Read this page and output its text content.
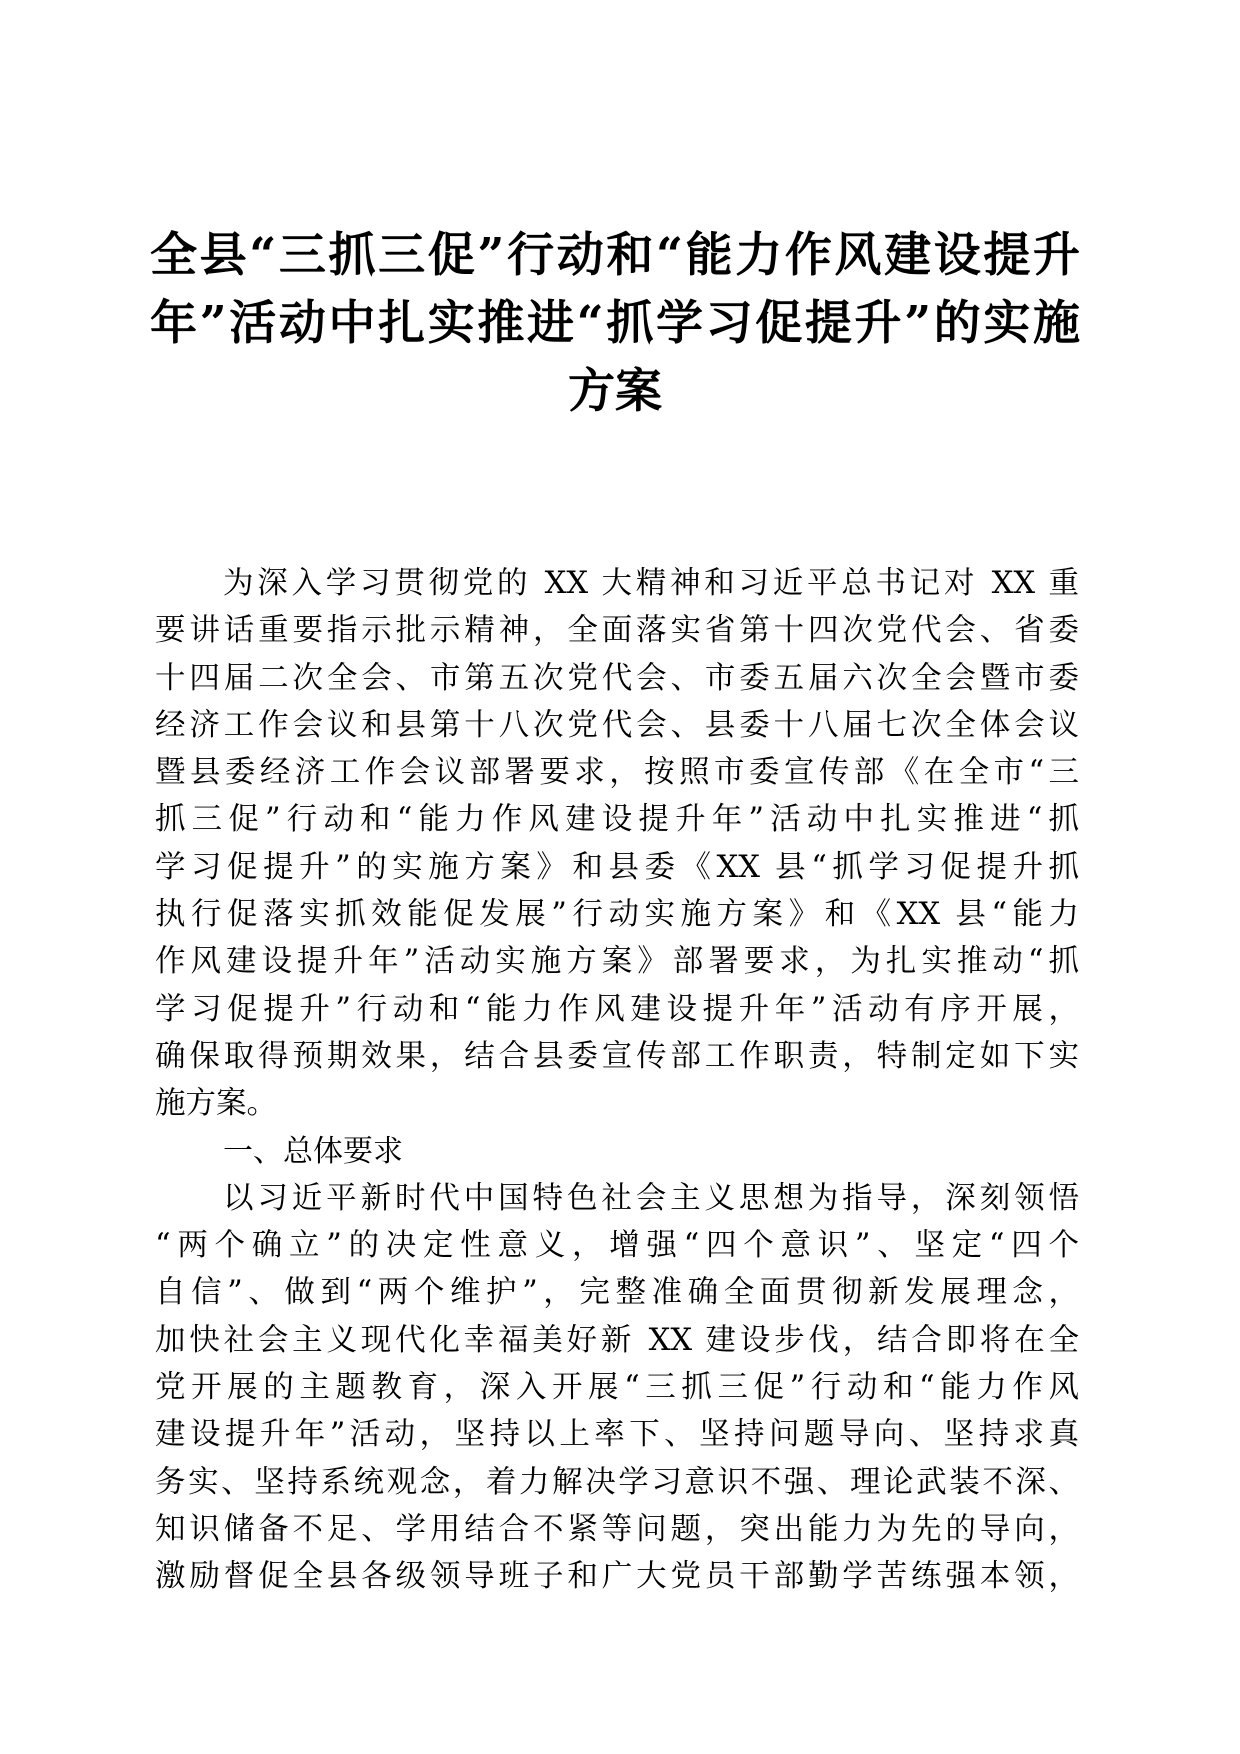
全县“三抓三促”行动和“能力作风建设提升
年”活动中扎实推进“抓学习促提升”的实施
方案
为深入学习贯彻党的 XX 大精神和习近平总书记对 XX 重
要讲话重要指示批示精神，全面落实省第十四次党代会、省委
十四届二次全会、市第五次党代会、市委五届六次全会暨市委
经济工作会议和县第十八次党代会、县委十八届七次全体会议
暨县委经济工作会议部署要求，按照市委宣传部《在全市“三
抓三促”行动和“能力作风建设提升年”活动中扎实推进“抓
学习促提升”的实施方案》和县委《XX 县“抓学习促提升抓
执行促落实抓效能促发展”行动实施方案》和《XX 县“能力
作风建设提升年”活动实施方案》部署要求，为扎实推动“抓
学习促提升”行动和“能力作风建设提升年”活动有序开展，
确保取得预期效果，结合县委宣传部工作职责，特制定如下实
施方案。
一、总体要求
以习近平新时代中国特色社会主义思想为指导，深刻领悟
“两个确立”的决定性意义，增强“四个意识”、坚定“四个
自信”、做到“两个维护”，完整准确全面贯彻新发展理念，
加快社会主义现代化幸福美好新 XX 建设步伐，结合即将在全
党开展的主题教育，深入开展“三抓三促”行动和“能力作风
建设提升年”活动，坚持以上率下、坚持问题导向、坚持求真
务实、坚持系统观念，着力解决学习意识不强、理论武装不深、
知识储备不足、学用结合不紧等问题，突出能力为先的导向，
激励督促全县各级领导班子和广大党员干部勤学苦练强本领，
